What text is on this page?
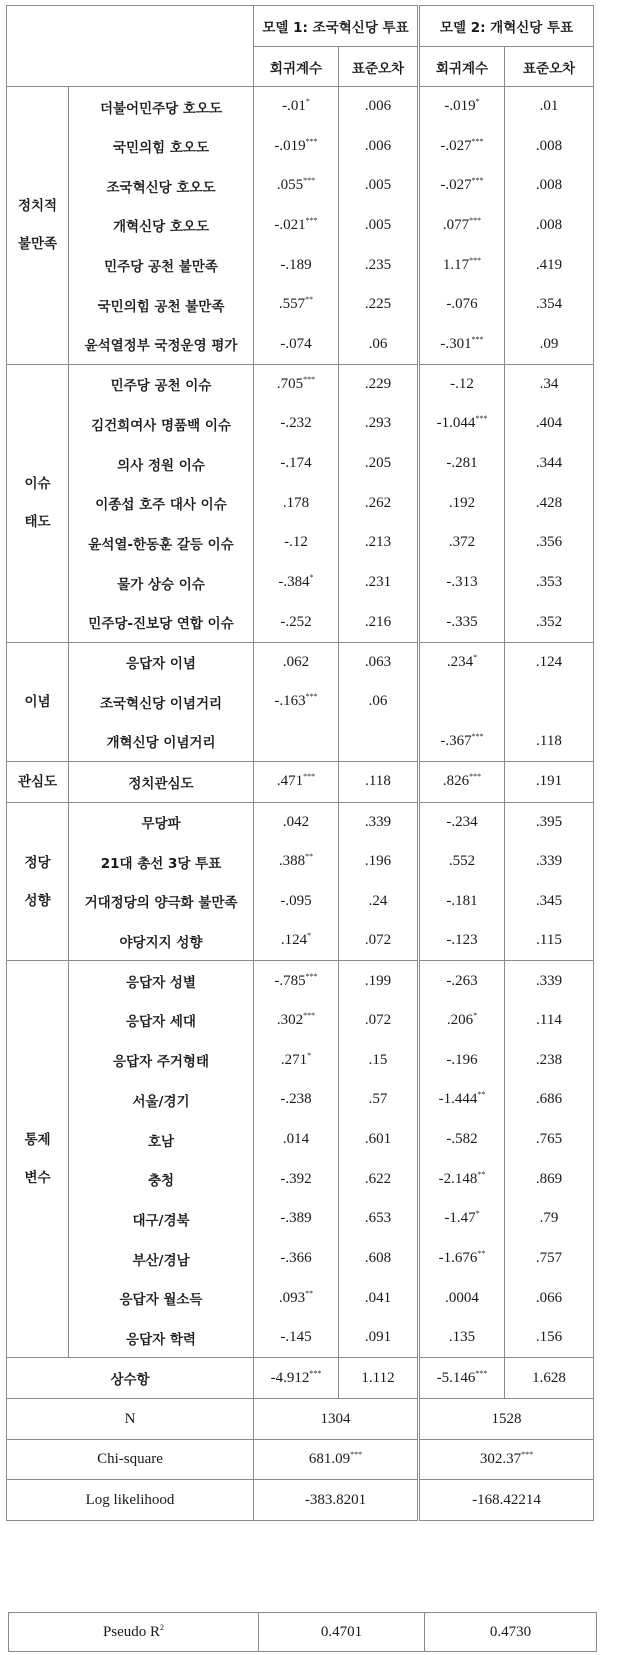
		모델 1: 조국혁신당 투표		모델 2: 개혁신당 투표	
		회귀계수	표준오차	회귀계수	표준오차
정치적
불만족	더불어민주당 호오도	-.01*	.006	-.019*	.01
	국민의힘 호오도	-.019***	.006	-.027***	.008
	조국혁신당 호오도	.055***	.005	-.027***	.008
	개혁신당 호오도	-.021***	.005	.077***	.008
	민주당 공천 불만족	-.189	.235	1.17***	.419
	국민의힘 공천 불만족	.557**	.225	-.076	.354
	윤석열정부 국정운영 평가	-.074	.06	-.301***	.09
이슈
태도	민주당 공천 이슈	.705***	.229	-.12	.34
	김건희여사 명품백 이슈	-.232	.293	-1.044***	.404
	의사 정원 이슈	-.174	.205	-.281	.344
	이종섭 호주 대사 이슈	.178	.262	.192	.428
	윤석열-한동훈 갈등 이슈	-.12	.213	.372	.356
	물가 상승 이슈	-.384*	.231	-.313	.353
	민주당-진보당 연합 이슈	-.252	.216	-.335	.352
이념	응답자 이념	.062	.063	.234*	.124
	조국혁신당 이념거리	-.163***	.06		
	개혁신당 이념거리			-.367***	.118
관심도	정치관심도	.471***	.118	.826***	.191
정당
성향	무당파	.042	.339	-.234	.395
	21대 총선 3당 투표	.388**	.196	.552	.339
	거대정당의 양극화 불만족	-.095	.24	-.181	.345
	야당지지 성향	.124*	.072	-.123	.115
통제
변수	응답자 성별	-.785***	.199	-.263	.339
	응답자 세대	.302***	.072	.206*	.114
	응답자 주거형태	.271*	.15	-.196	.238
	서울/경기	-.238	.57	-1.444**	.686
	호남	.014	.601	-.582	.765
	충청	-.392	.622	-2.148**	.869
	대구/경북	-.389	.653	-1.47*	.79
	부산/경남	-.366	.608	-1.676**	.757
	응답자 월소득	.093**	.041	.0004	.066
	응답자 학력	-.145	.091	.135	.156
상수항		-4.912***	1.112	-5.146***	1.628
N		1304		1528	
Chi-square		681.09***		302.37***
Log likelihood		-383.8201		-168.42214	
Pseudo $R^2$	0.4701	0.4730
